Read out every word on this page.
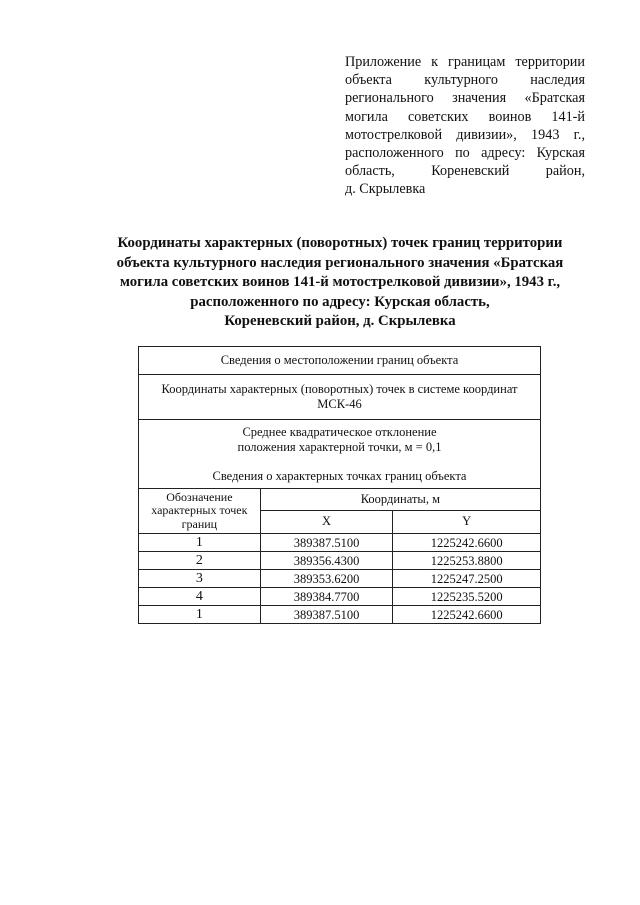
Приложение к границам территории
объекта культурного наследия
регионального значения «Братская
могила советских воинов 141-й
мотострелковой дивизии», 1943 г.,
расположенного по адресу: Курская
область, Кореневский район,
д. Скрылевка
Координаты характерных (поворотных) точек границ территории
объекта культурного наследия регионального значения «Братская
могила советских воинов 141-й мотострелковой дивизии», 1943 г.,
расположенного по адресу: Курская область,
Кореневский район, д. Скрылевка
Сведения о местоположении границ объекта		

Координаты характерных (поворотных) точек в системе координат
МСК-46		

Среднее квадратическое отклонение
положения характерной точки, м = 0,1
Сведения о характерных точках границ объекта		

Обозначение
характерных точек
границ	Координаты, м	
	X	Y
1	389387.5100	1225242.6600
2	389356.4300	1225253.8800
3	389353.6200	1225247.2500
4	389384.7700	1225235.5200
1	389387.5100	1225242.6600
